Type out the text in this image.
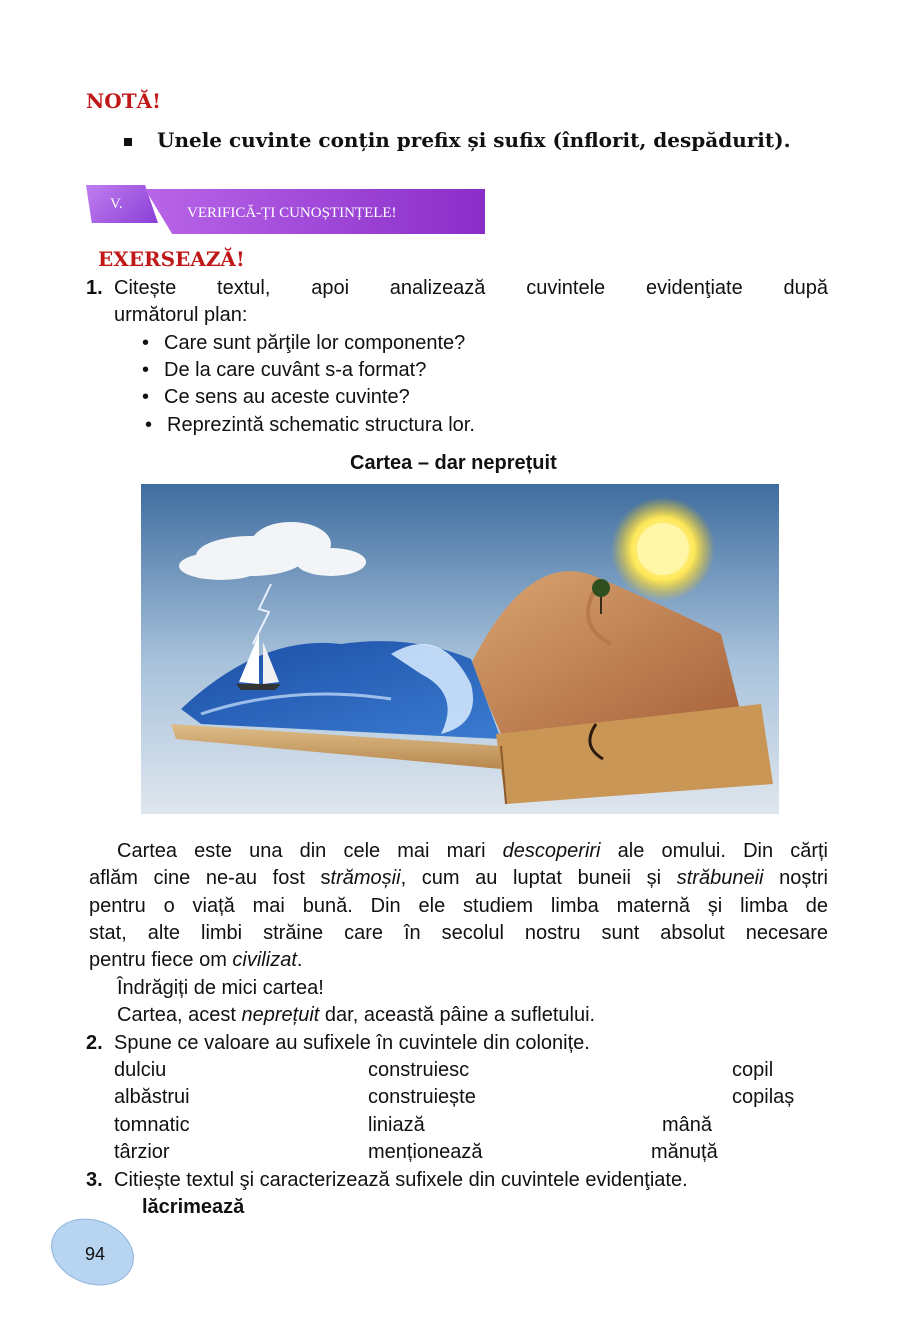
NOTĂ!
Unele cuvinte conțin prefix și sufix (înflorit, despădurit).
V.
VERIFICĂ-ȚI CUNOȘTINȚELE!
EXERSEAZĂ!
1. Citește textul, apoi analizează cuvintele evidenţiate după
următorul plan:
• Care sunt părţile lor componente?
• De la care cuvânt s-a format?
• Ce sens au aceste cuvinte?
• Reprezintă schematic structura lor.
Cartea – dar neprețuit
Cartea este una din cele mai mari descoperiri ale omului. Din cărți
aflăm cine ne-au fost strămoșii, cum au luptat buneii și străbuneii noștri
pentru o viață mai bună. Din ele studiem limba maternă și limba de
stat, alte limbi străine care în secolul nostru sunt absolut necesare
pentru fiece om civilizat.
Îndrăgiți de mici cartea!
Cartea, acest neprețuit dar, această pâine a sufletului.
2. Spune ce valoare au sufixele în cuvintele din colonițe.
dulciu	construiesc	copil
albăstrui	construiește	copilaș
tomnatic	liniază	mână
târzior	menționează	mănuță
3. Citiește textul şi caracterizează sufixele din cuvintele evidenţiate.
lăcrimează
94
